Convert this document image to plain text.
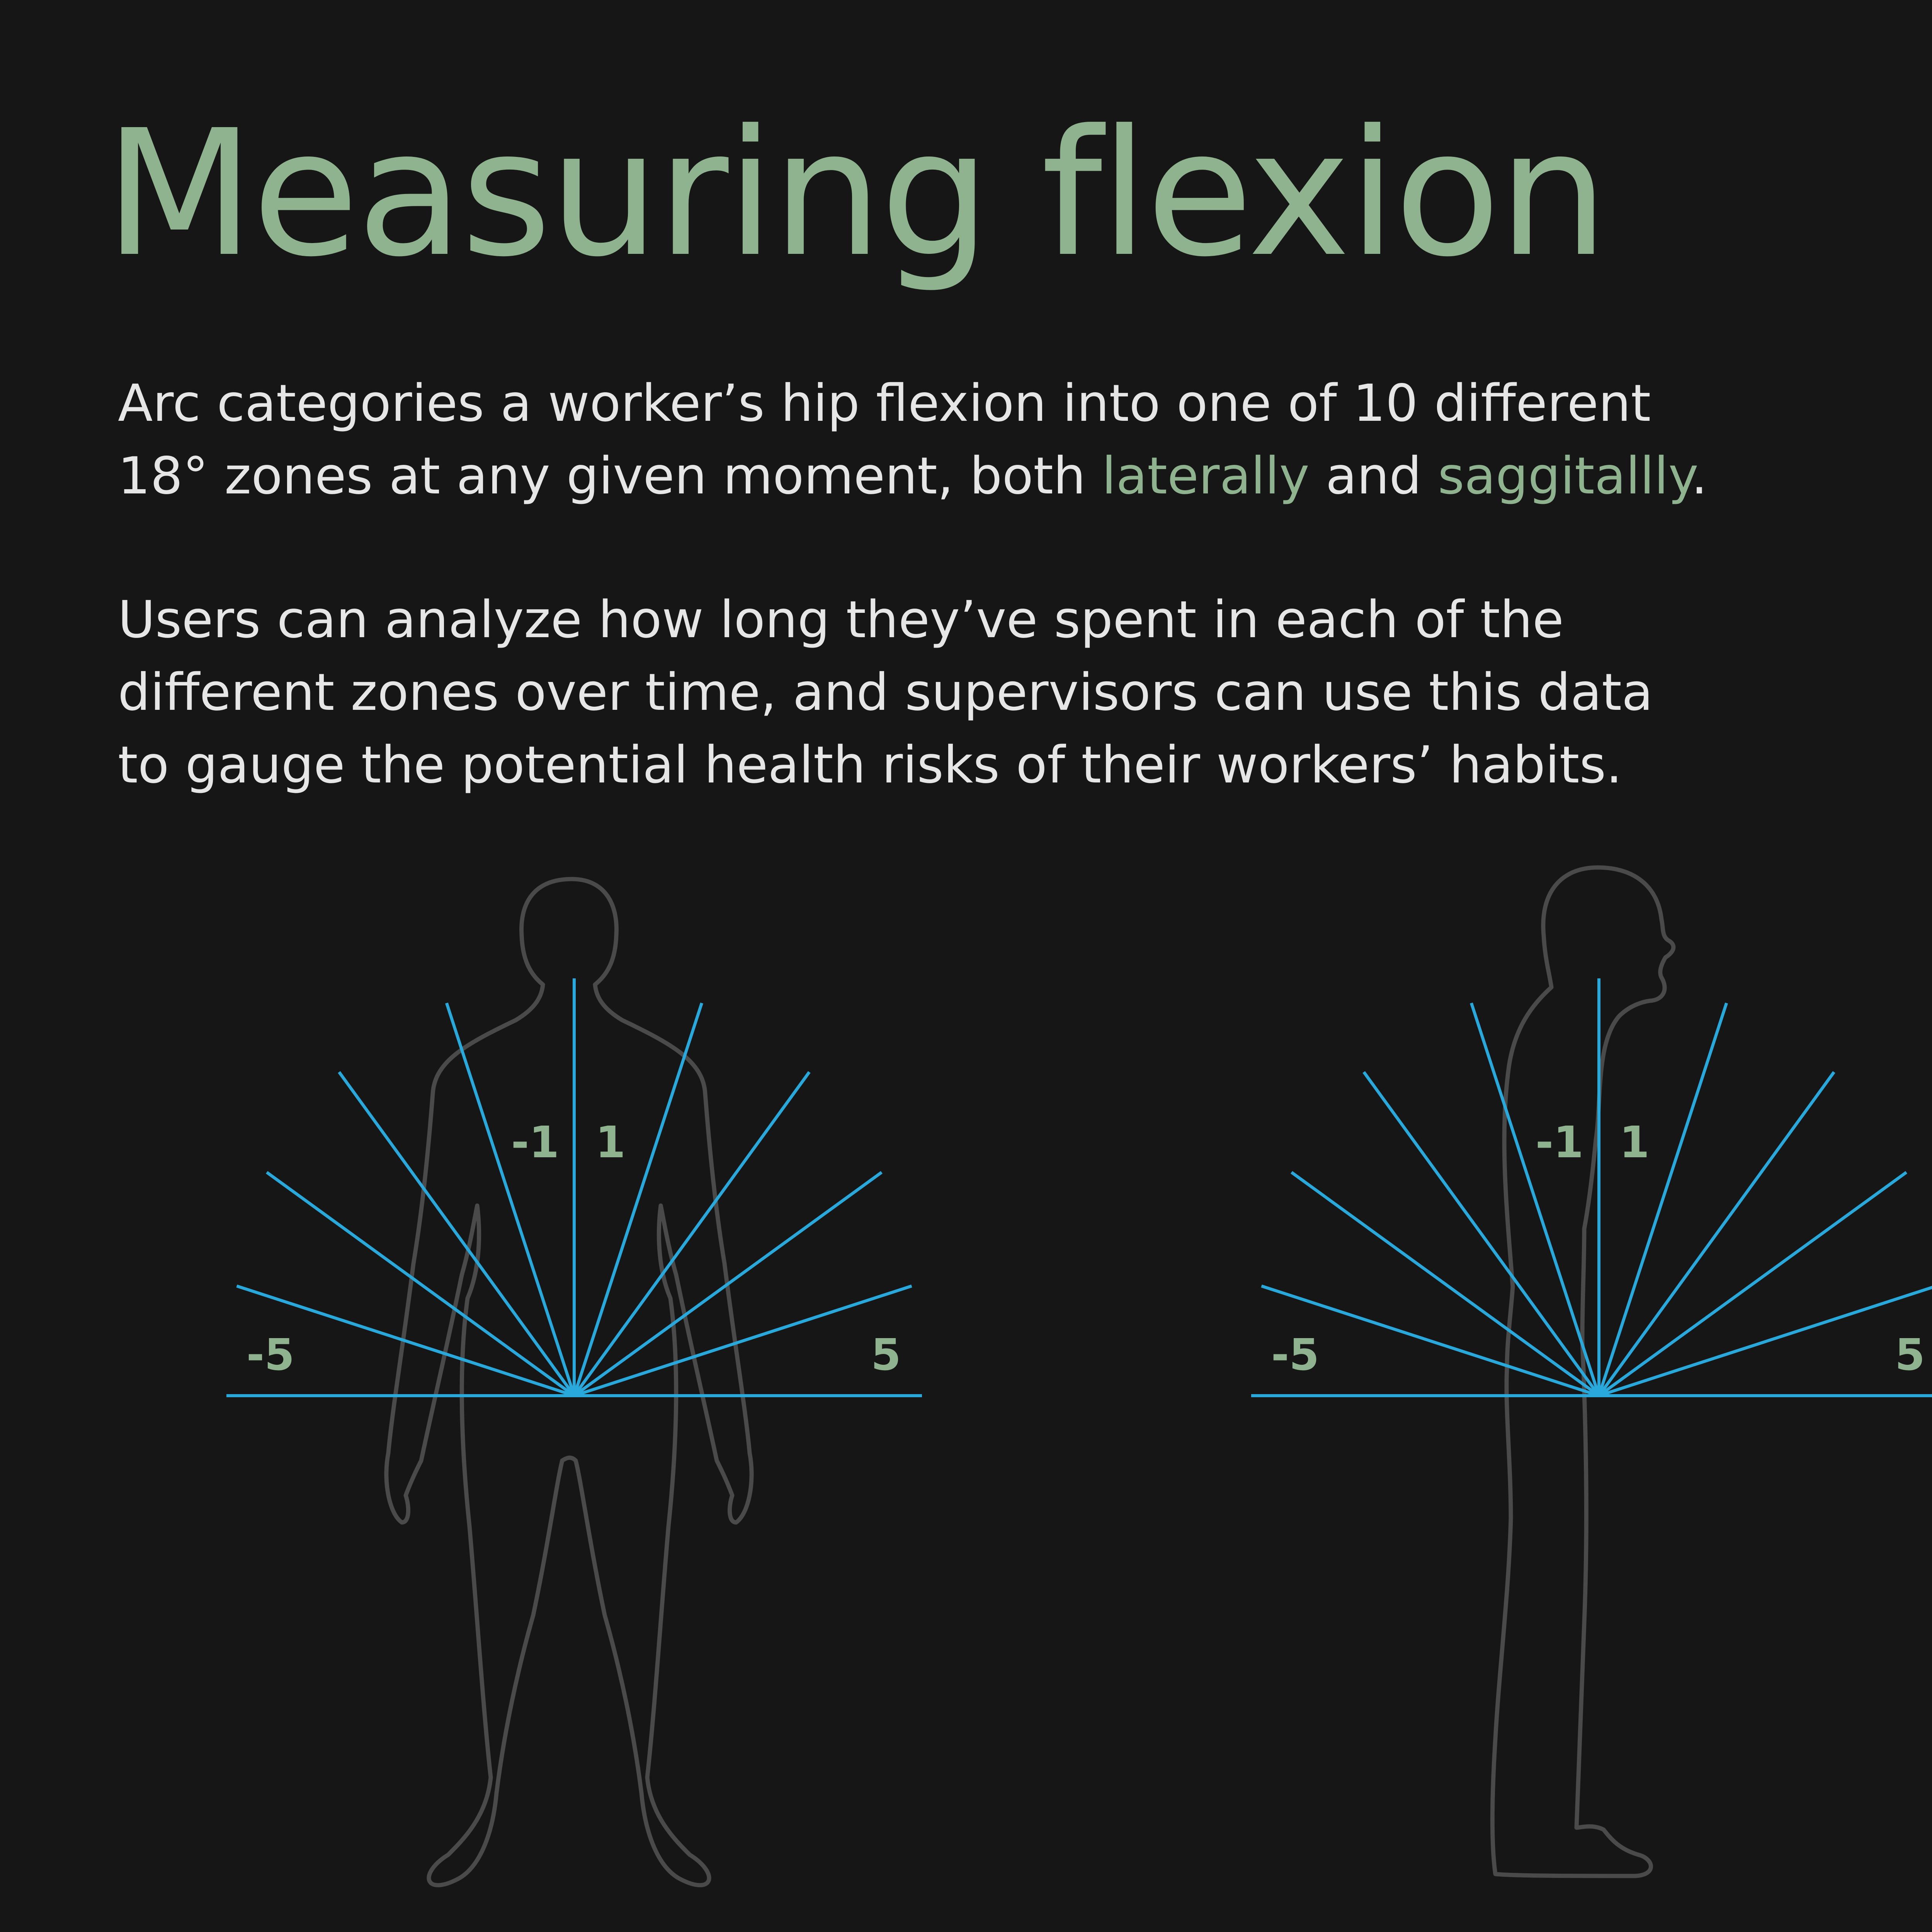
Measuring flexion

Arc categories a worker’s hip flexion into one of 10 different
18° zones at any given moment, both laterally and saggitallly.

Users can analyze how long they’ve spent in each of the
different zones over time, and supervisors can use this data
to gauge the potential health risks of their workers’ habits.

-1 1
-5	5
-1 1
-5	5
